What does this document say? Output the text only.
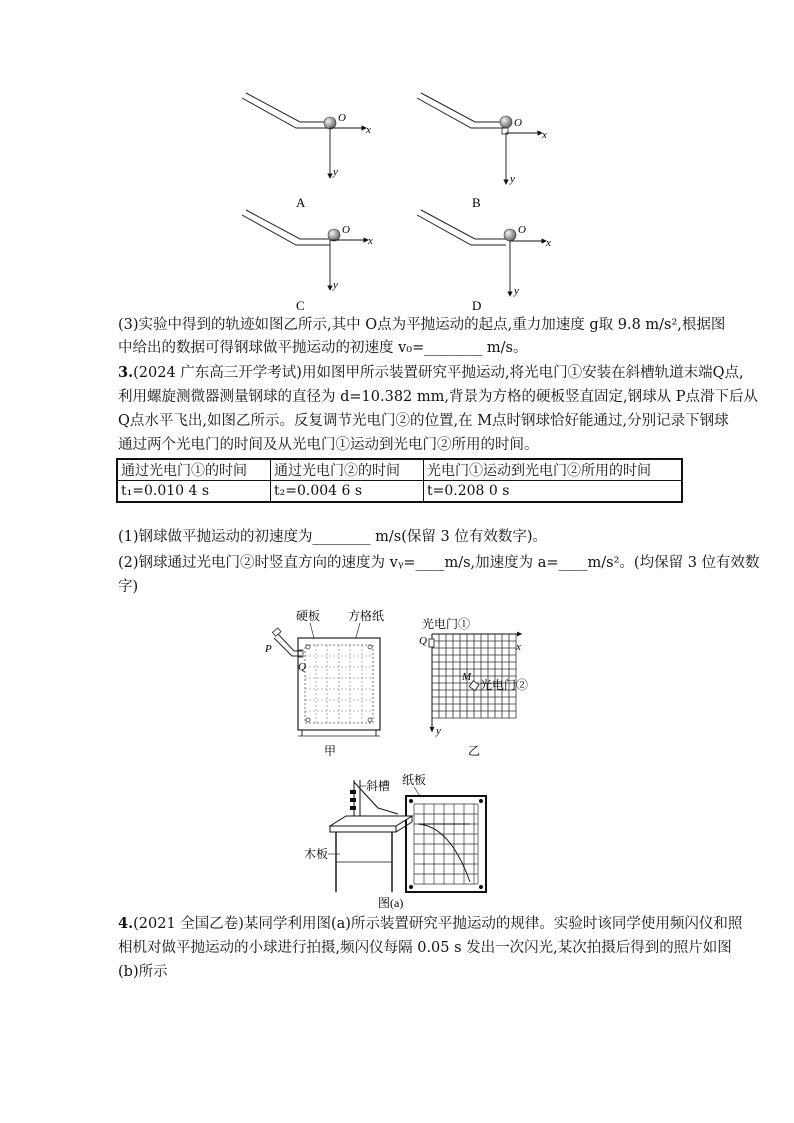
O
x
y
O
x
y
O
x
y
O
x
y
A	B
C	D
(3)实验中得到的轨迹如图乙所示,其中 O点为平抛运动的起点,重力加速度 g取 9.8 m/s²,根据图
中给出的数据可得钢球做平抛运动的初速度 v₀=________ m/s。
3.(2024 广东高三开学考试)用如图甲所示装置研究平抛运动,将光电门①安装在斜槽轨道末端Q点,
利用螺旋测微器测量钢球的直径为 d=10.382 mm,背景为方格的硬板竖直固定,钢球从 P点滑下后从
Q点水平飞出,如图乙所示。反复调节光电门②的位置,在 M点时钢球恰好能通过,分别记录下钢球
通过两个光电门的时间及从光电门①运动到光电门②所用的时间。
通过光电门①的时间	通过光电门②的时间	光电门①运动到光电门②所用的时间
t₁=0.010 4 s	t₂=0.004 6 s	t=0.208 0 s
(1)钢球做平抛运动的初速度为________ m/s(保留 3 位有效数字)。
(2)钢球通过光电门②时竖直方向的速度为 vᵧ=____m/s,加速度为 a=____m/s²。(均保留 3 位有效数
字)
硬板 方格纸
P
Q
甲
光电门①
Q
M
光电门②
x
y
乙
纸板
斜槽
木板
图(a)
4.(2021 全国乙卷)某同学利用图(a)所示装置研究平抛运动的规律。实验时该同学使用频闪仪和照
相机对做平抛运动的小球进行拍摄,频闪仪每隔 0.05 s 发出一次闪光,某次拍摄后得到的照片如图
(b)所示
